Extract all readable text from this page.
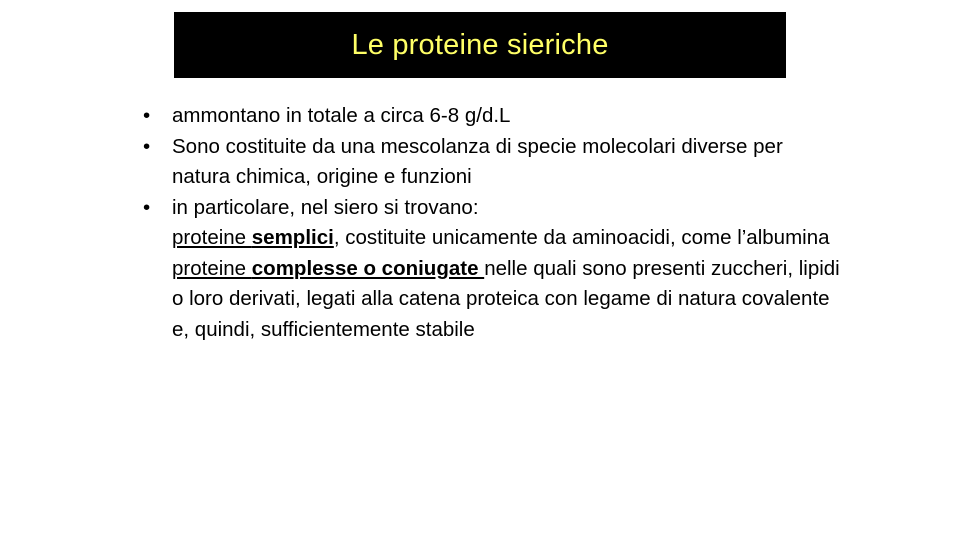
Le proteine sieriche
•	ammontano in totale a circa 6-8 g/d.L
•	Sono costituite da una mescolanza di specie molecolari diverse per natura chimica, origine e funzioni
•	in particolare, nel siero si trovano:
proteine semplici, costituite unicamente da aminoacidi, come l’albumina
proteine complesse o coniugate nelle quali sono presenti zuccheri, lipidi o loro derivati, legati alla catena proteica con legame di natura covalente e, quindi, sufficientemente stabile
